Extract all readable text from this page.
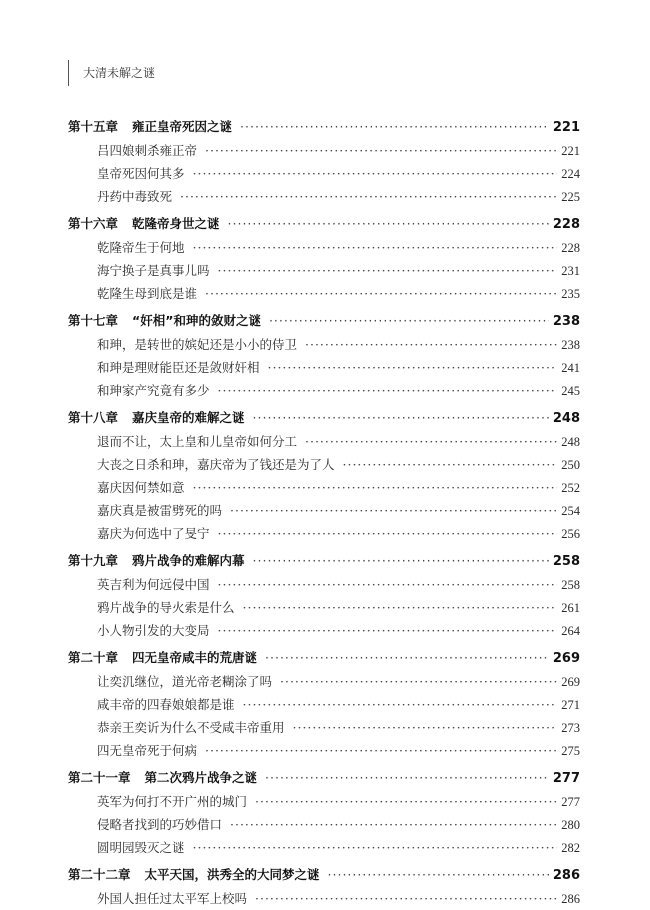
大清未解之谜
第十五章 雍正皇帝死因之谜 ·····	221
吕四娘刺杀雍正帝 ·····	221
皇帝死因何其多 ·····	224
丹药中毒致死 ·····	225
第十六章 乾隆帝身世之谜 ·····	228
乾隆帝生于何地 ·····	228
海宁换子是真事儿吗 ·····	231
乾隆生母到底是谁 ·····	235
第十七章 “奸相”和珅的敛财之谜 ·····	238
和珅，是转世的嫔妃还是小小的侍卫 ·····	238
和珅是理财能臣还是敛财奸相 ·····	241
和珅家产究竟有多少 ·····	245
第十八章 嘉庆皇帝的难解之谜 ·····	248
退而不让，太上皇和儿皇帝如何分工 ·····	248
大丧之日杀和珅，嘉庆帝为了钱还是为了人 ·····	250
嘉庆因何禁如意 ·····	252
嘉庆真是被雷劈死的吗 ·····	254
嘉庆为何选中了旻宁 ·····	256
第十九章 鸦片战争的难解内幕 ·····	258
英吉利为何远侵中国 ·····	258
鸦片战争的导火索是什么 ·····	261
小人物引发的大变局 ·····	264
第二十章 四无皇帝咸丰的荒唐谜 ·····	269
让奕㲹继位，道光帝老糊涂了吗 ·····	269
咸丰帝的四春娘娘都是谁 ·····	271
恭亲王奕䜣为什么不受咸丰帝重用 ·····	273
四无皇帝死于何病 ·····	275
第二十一章 第二次鸦片战争之谜 ·····	277
英军为何打不开广州的城门 ·····	277
侵略者找到的巧妙借口 ·····	280
圆明园毁灭之谜 ·····	282
第二十二章 太平天国，洪秀全的大同梦之谜 ·····	286
外国人担任过太平军上校吗 ·····	286
